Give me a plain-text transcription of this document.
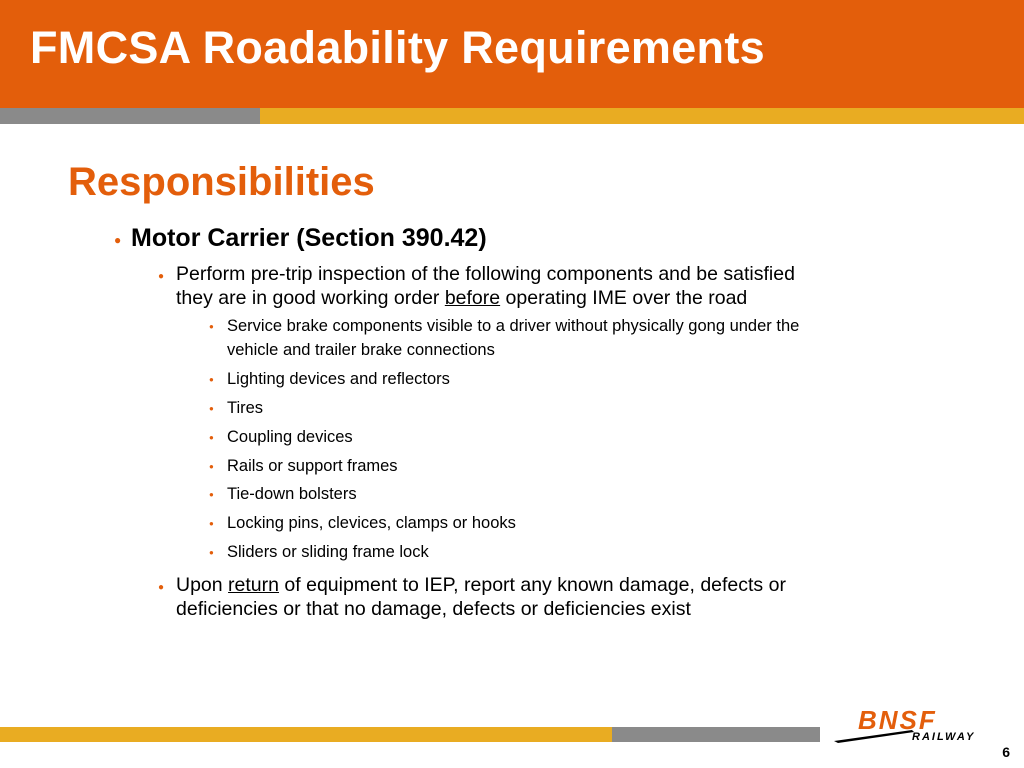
FMCSA Roadability Requirements
Responsibilities
● Motor Carrier (Section 390.42)
● Perform pre-trip inspection of the following components and be satisfied
they are in good working order before operating IME over the road
● Service brake components visible to a driver without physically gong under the
vehicle and trailer brake connections
● Lighting devices and reflectors
● Tires
● Coupling devices
● Rails or support frames
● Tie-down bolsters
● Locking pins, clevices, clamps or hooks
● Sliders or sliding frame lock
● Upon return of equipment to IEP, report any known damage, defects or
deficiencies or that no damage, defects or deficiencies exist
BNSF
RAILWAY
6
